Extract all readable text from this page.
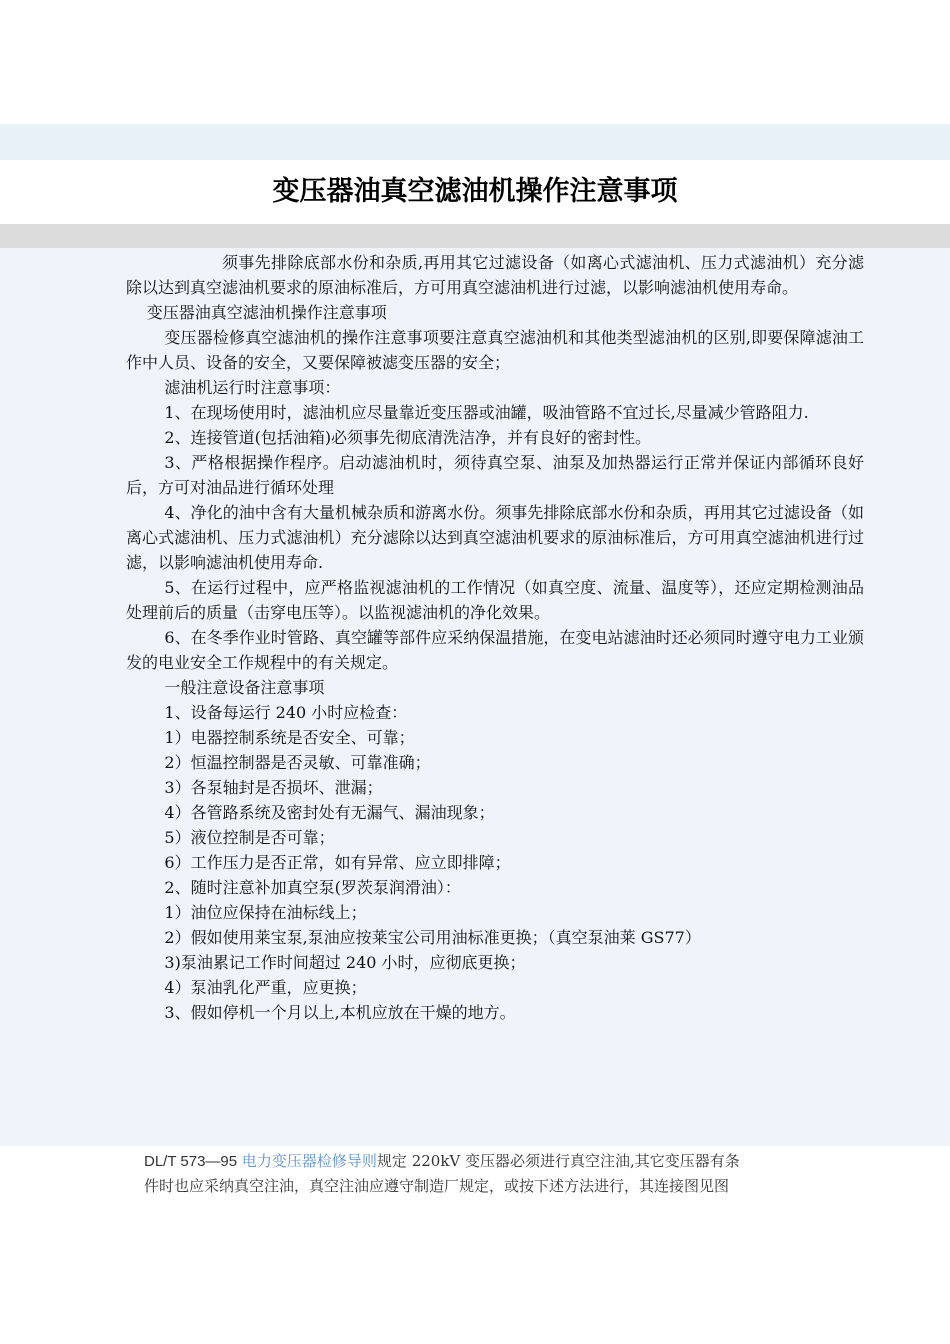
变压器油真空滤油机操作注意事项

须事先排除底部水份和杂质,再用其它过滤设备（如离心式滤油机、压力式滤油机）充分滤除以达到真空滤油机要求的原油标准后，方可用真空滤油机进行过滤，以影响滤油机使用寿命。

变压器油真空滤油机操作注意事项

变压器检修真空滤油机的操作注意事项要注意真空滤油机和其他类型滤油机的区别,即要保障滤油工作中人员、设备的安全，又要保障被滤变压器的安全；

滤油机运行时注意事项：

1、在现场使用时，滤油机应尽量靠近变压器或油罐，吸油管路不宜过长,尽量减少管路阻力.

2、连接管道(包括油箱)必须事先彻底清洗洁净，并有良好的密封性。

3、严格根据操作程序。启动滤油机时，须待真空泵、油泵及加热器运行正常并保证内部循环良好后，方可对油品进行循环处理

4、净化的油中含有大量机械杂质和游离水份。须事先排除底部水份和杂质，再用其它过滤设备（如离心式滤油机、压力式滤油机）充分滤除以达到真空滤油机要求的原油标准后，方可用真空滤油机进行过滤，以影响滤油机使用寿命.

5、在运行过程中，应严格监视滤油机的工作情况（如真空度、流量、温度等），还应定期检测油品处理前后的质量（击穿电压等）。以监视滤油机的净化效果。

6、在冬季作业时管路、真空罐等部件应采纳保温措施，在变电站滤油时还必须同时遵守电力工业颁发的电业安全工作规程中的有关规定。

一般注意设备注意事项

1、设备每运行 240 小时应检查：

1）电器控制系统是否安全、可靠；

2）恒温控制器是否灵敏、可靠准确；

3）各泵轴封是否损坏、泄漏；

4）各管路系统及密封处有无漏气、漏油现象；

5）液位控制是否可靠；

6）工作压力是否正常，如有异常、应立即排障；

2、随时注意补加真空泵(罗茨泵润滑油）：

1）油位应保持在油标线上；

2）假如使用莱宝泵,泵油应按莱宝公司用油标准更换；（真空泵油莱 GS77）

3)泵油累记工作时间超过 240 小时，应彻底更换；

4）泵油乳化严重，应更换；

3、假如停机一个月以上,本机应放在干燥的地方。

DL/T 573—95 电力变压器检修导则规定 220kV 变压器必须进行真空注油,其它变压器有条
件时也应采纳真空注油，真空注油应遵守制造厂规定，或按下述方法进行，其连接图见图
